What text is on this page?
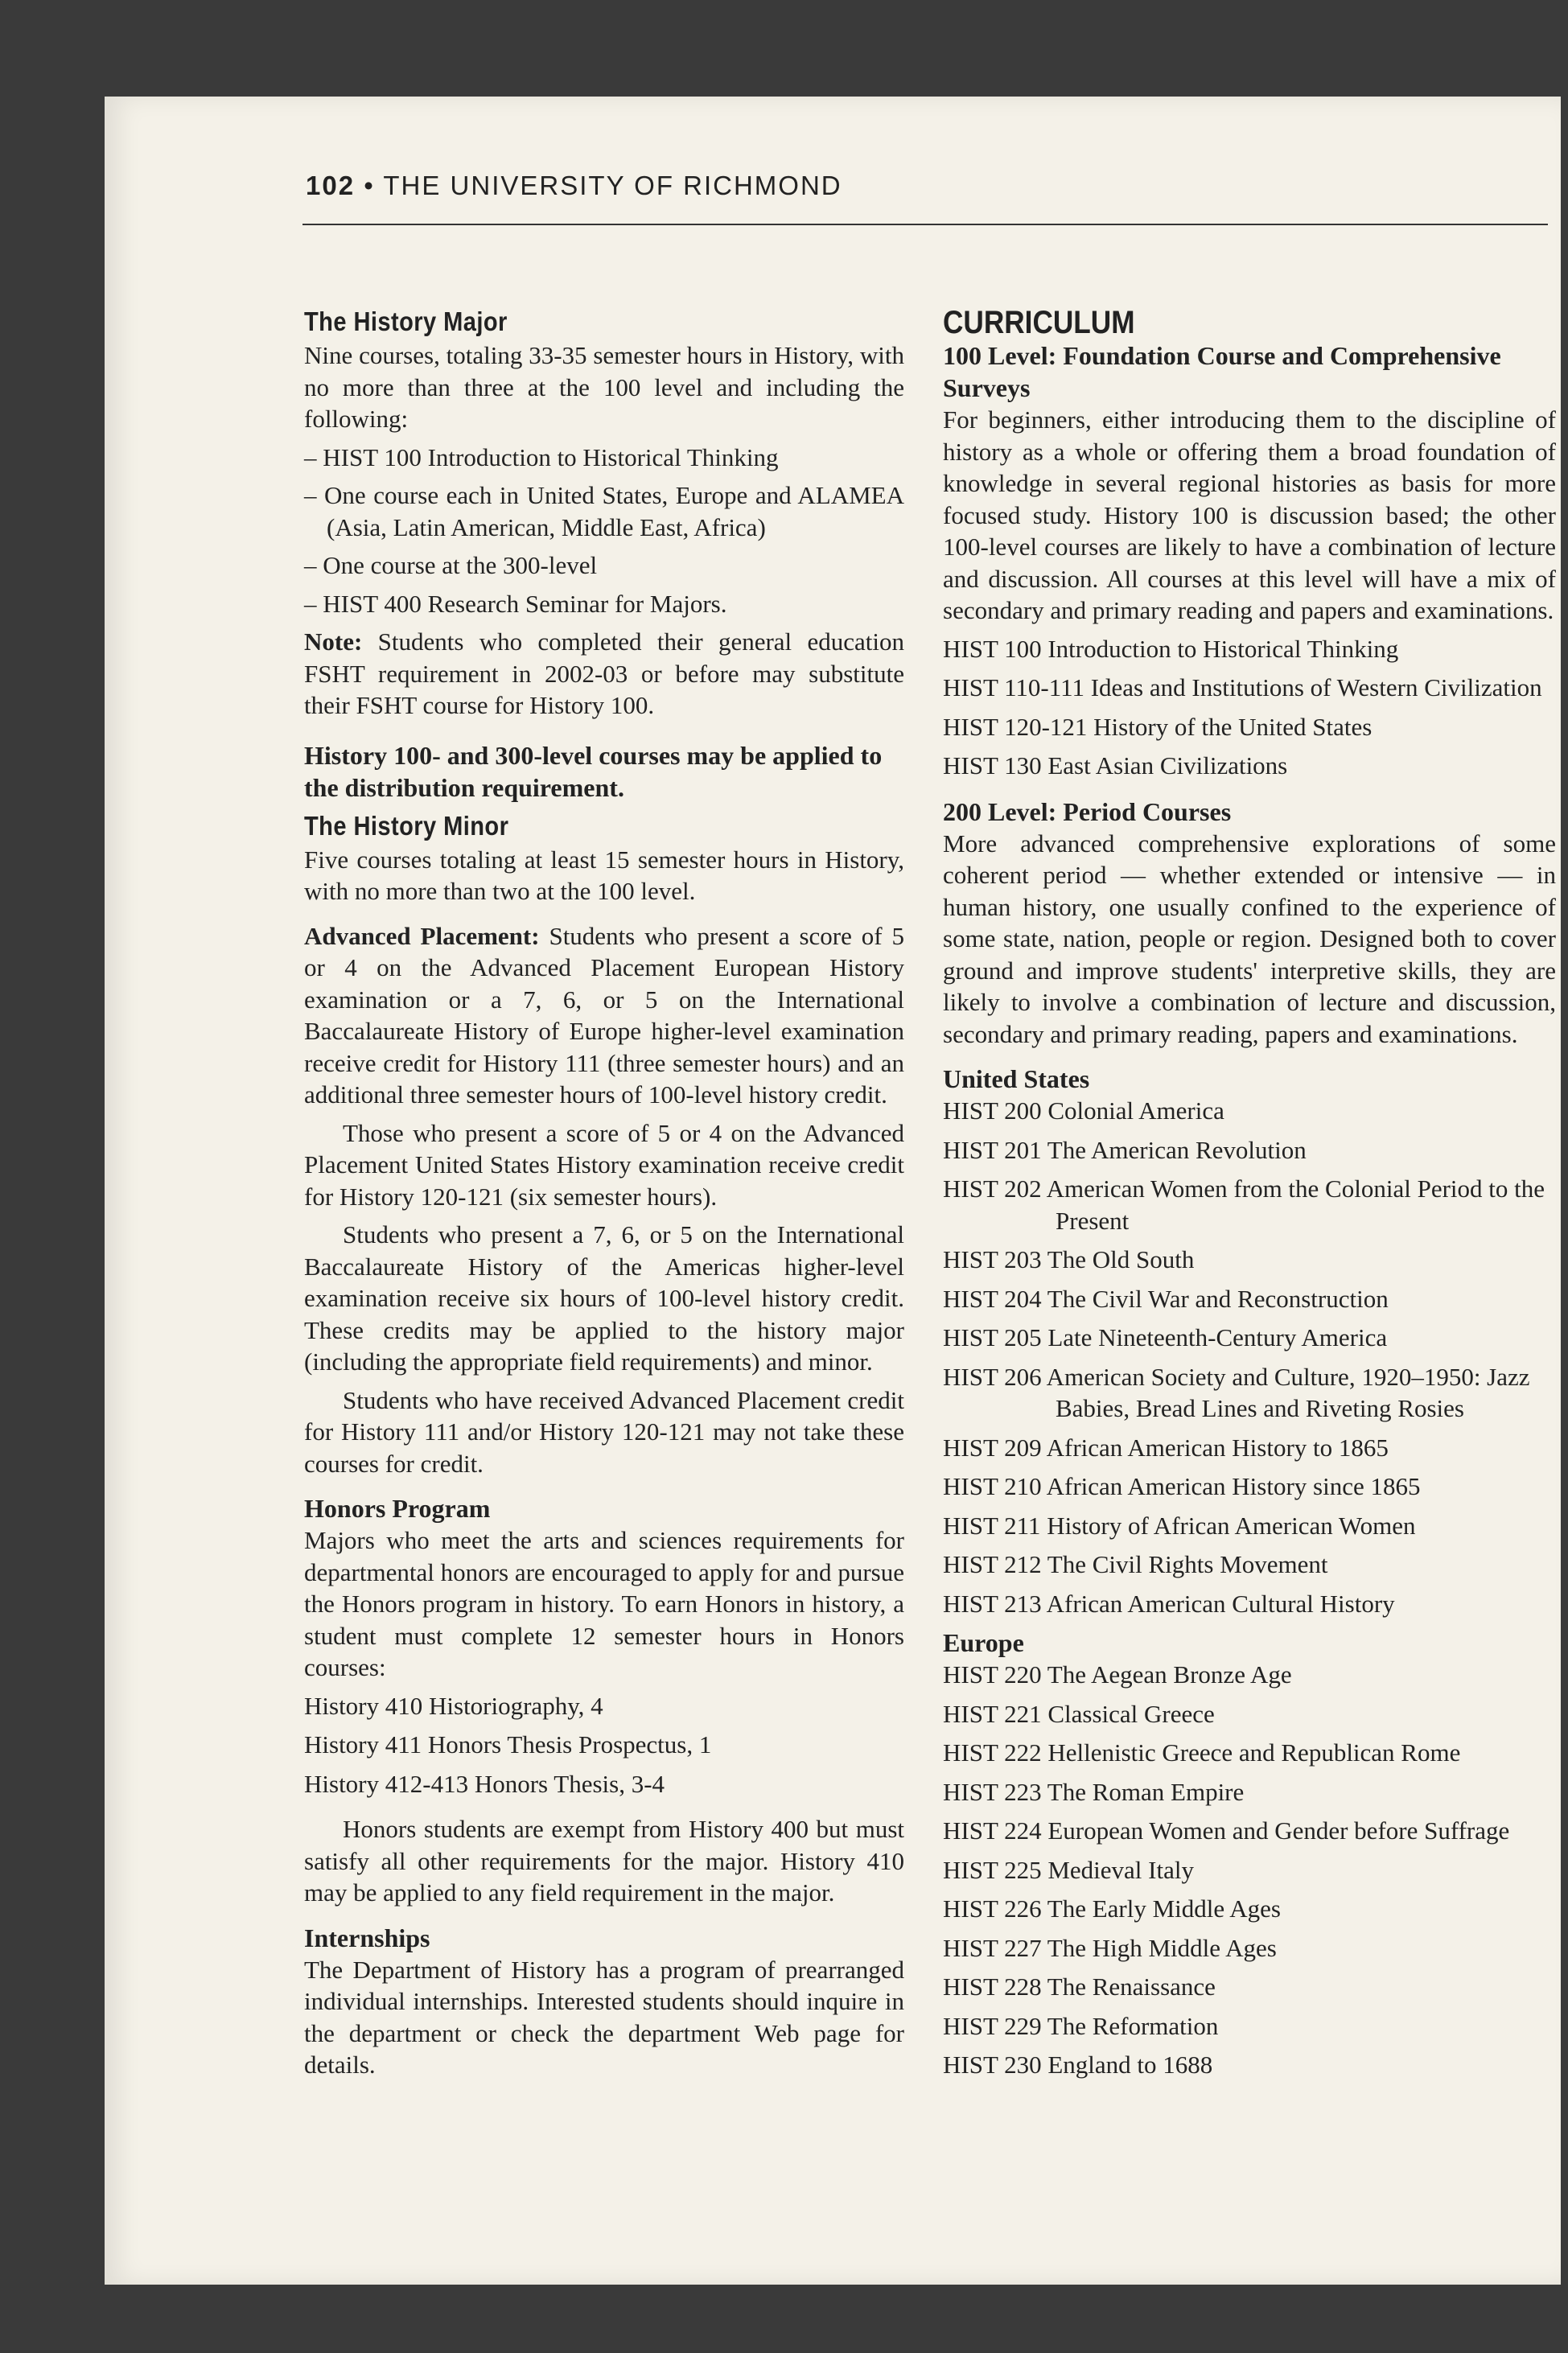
102 • THE UNIVERSITY OF RICHMOND
The History Major

Nine courses, totaling 33-35 semester hours in History, with no more than three at the 100 level and including the following:

– HIST 100 Introduction to Historical Thinking
– One course each in United States, Europe and ALAMEA (Asia, Latin American, Middle East, Africa)
– One course at the 300-level
– HIST 400 Research Seminar for Majors.

Note: Students who completed their general education FSHT requirement in 2002-03 or before may substitute their FSHT course for History 100.

History 100- and 300-level courses may be applied to the distribution requirement.
The History Minor

Five courses totaling at least 15 semester hours in History, with no more than two at the 100 level.

Advanced Placement: Students who present a score of 5 or 4 on the Advanced Placement European History examination or a 7, 6, or 5 on the International Baccalaureate History of Europe higher-level examination receive credit for History 111 (three semester hours) and an additional three semester hours of 100-level history credit.

Those who present a score of 5 or 4 on the Advanced Placement United States History examination receive credit for History 120-121 (six semester hours).

Students who present a 7, 6, or 5 on the International Baccalaureate History of the Americas higher-level examination receive six hours of 100-level history credit. These credits may be applied to the history major (including the appropriate field requirements) and minor.

Students who have received Advanced Placement credit for History 111 and/or History 120-121 may not take these courses for credit.

Honors Program

Majors who meet the arts and sciences requirements for departmental honors are encouraged to apply for and pursue the Honors program in history. To earn Honors in history, a student must complete 12 semester hours in Honors courses:

History 410 Historiography, 4
History 411 Honors Thesis Prospectus, 1
History 412-413 Honors Thesis, 3-4

Honors students are exempt from History 400 but must satisfy all other requirements for the major. History 410 may be applied to any field requirement in the major.

Internships

The Department of History has a program of prearranged individual internships. Interested students should inquire in the department or check the department Web page for details.

CURRICULUM
100 Level: Foundation Course and Comprehensive Surveys

For beginners, either introducing them to the discipline of history as a whole or offering them a broad foundation of knowledge in several regional histories as basis for more focused study. History 100 is discussion based; the other 100-level courses are likely to have a combination of lecture and discussion. All courses at this level will have a mix of secondary and primary reading and papers and examinations.

HIST 100 Introduction to Historical Thinking
HIST 110-111 Ideas and Institutions of Western Civilization
HIST 120-121 History of the United States
HIST 130 East Asian Civilizations
200 Level: Period Courses

More advanced comprehensive explorations of some coherent period — whether extended or intensive — in human history, one usually confined to the experience of some state, nation, people or region. Designed both to cover ground and improve students' interpretive skills, they are likely to involve a combination of lecture and discussion, secondary and primary reading, papers and examinations.

United States
HIST 200 Colonial America
HIST 201 The American Revolution
HIST 202 American Women from the Colonial Period to the Present
HIST 203 The Old South
HIST 204 The Civil War and Reconstruction
HIST 205 Late Nineteenth-Century America
HIST 206 American Society and Culture, 1920–1950: Jazz Babies, Bread Lines and Riveting Rosies
HIST 209 African American History to 1865
HIST 210 African American History since 1865
HIST 211 History of African American Women
HIST 212 The Civil Rights Movement
HIST 213 African American Cultural History
Europe
HIST 220 The Aegean Bronze Age
HIST 221 Classical Greece
HIST 222 Hellenistic Greece and Republican Rome
HIST 223 The Roman Empire
HIST 224 European Women and Gender before Suffrage
HIST 225 Medieval Italy
HIST 226 The Early Middle Ages
HIST 227 The High Middle Ages
HIST 228 The Renaissance
HIST 229 The Reformation
HIST 230 England to 1688
